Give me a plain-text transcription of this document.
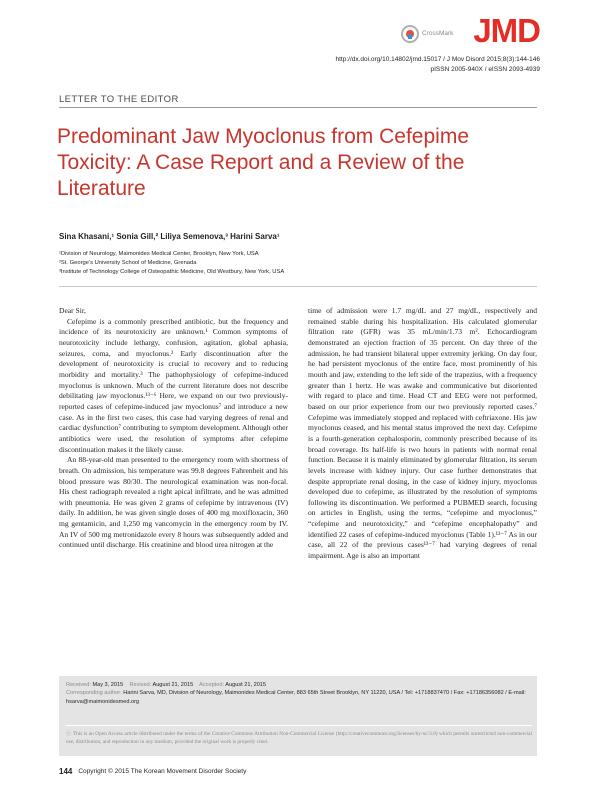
CrossMark JMD
http://dx.doi.org/10.14802/jmd.15017 / J Mov Disord 2015;8(3):144-146
pISSN 2005-940X / eISSN 2093-4939
LETTER TO THE EDITOR
Predominant Jaw Myoclonus from Cefepime Toxicity: A Case Report and a Review of the Literature
Sina Khasani,¹ Sonia Gill,² Liliya Semenova,³ Harini Sarva¹
¹Division of Neurology, Maimonides Medical Center, Brooklyn, New York, USA
²St. George’s University School of Medicine, Grenada
³Institute of Technology College of Osteopathic Medicine, Old Westbury, New York, USA

Dear Sir,

Cefepime is a commonly prescribed antibiotic, but the frequency and incidence of its neurotoxicity are unknown.¹ Common symptoms of neurotoxicity include lethargy, confusion, agitation, global aphasia, seizures, coma, and myoclonus.² Early discontinuation after the development of neurotoxicity is crucial to recovery and to reducing morbidity and mortality.³ The pathophysiology of cefepime-induced myoclonus is unknown. Much of the current literature does not describe debilitating jaw myoclonus.¹³⁻⁶ Here, we expand on our two previously-reported cases of cefepime-induced jaw myoclonus⁷ and introduce a new case. As in the first two cases, this case had varying degrees of renal and cardiac dysfunction⁷ contributing to symptom development. Although other antibiotics were used, the resolution of symptoms after cefepime discontinuation makes it the likely cause.

An 88-year-old man presented to the emergency room with shortness of breath. On admission, his temperature was 99.8 degrees Fahrenheit and his blood pressure was 80/30. The neurological examination was non-focal. His chest radiograph revealed a right apical infiltrate, and he was admitted with pneumonia. He was given 2 grams of cefepime by intravenous (IV) daily. In addition, he was given single doses of 400 mg moxifloxacin, 360 mg gentamicin, and 1,250 mg vancomycin in the emergency room by IV. An IV of 500 mg metronidazole every 8 hours was subsequently added and continued until discharge. His creatinine and blood urea nitrogen at the

time of admission were 1.7 mg/dL and 27 mg/dL, respectively and remained stable during his hospitalization. His calculated glomerular filtration rate (GFR) was 35 mL/min/1.73 m². Echocardiogram demonstrated an ejection fraction of 35 percent. On day three of the admission, he had transient bilateral upper extremity jerking. On day four, he had persistent myoclonus of the entire face, most prominently of his mouth and jaw, extending to the left side of the trapezius, with a frequency greater than 1 hertz. He was awake and communicative but disoriented with regard to place and time. Head CT and EEG were not performed, based on our prior experience from our two previously reported cases.⁷ Cefepime was immediately stopped and replaced with ceftriaxone. His jaw myoclonus ceased, and his mental status improved the next day. Cefepime is a fourth-generation cephalosporin, commonly prescribed because of its broad coverage. Its half-life is two hours in patients with normal renal function. Because it is mainly eliminated by glomerular filtration, its serum levels increase with kidney injury. Our case further demonstrates that despite appropriate renal dosing, in the case of kidney injury, myoclonus developed due to cefepime, as illustrated by the resolution of symptoms following its discontinuation. We performed a PUBMED search, focusing on articles in English, using the terms, “cefepime and myoclonus,” “cefepime and neurotoxicity,” and “cefepime encephalopathy” and identified 22 cases of cefepime-induced myoclonus (Table 1).¹³⁻⁷ As in our case, all 22 of the previous cases¹³⁻⁷ had varying degrees of renal impairment. Age is also an important

Received: May 3, 2015 Revised: August 21, 2015 Accepted: August 21, 2015
Corresponding author: Harini Sarva, MD, Division of Neurology, Maimonides Medical Center, 883 65th Street Brooklyn, NY 11220, USA / Tel: +1718837470 / Fax: +17186356082 / E-mail: hsarva@maimonidesmed.org
ⓒ This is an Open Access article distributed under the terms of the Creative Commons Attribution Non-Commercial License (http://creativecommons.org/licenses/by-nc/3.0) which permits unrestricted non-commercial use, distribution, and reproduction in any medium, provided the original work is properly cited.
144 Copyright © 2015 The Korean Movement Disorder Society
